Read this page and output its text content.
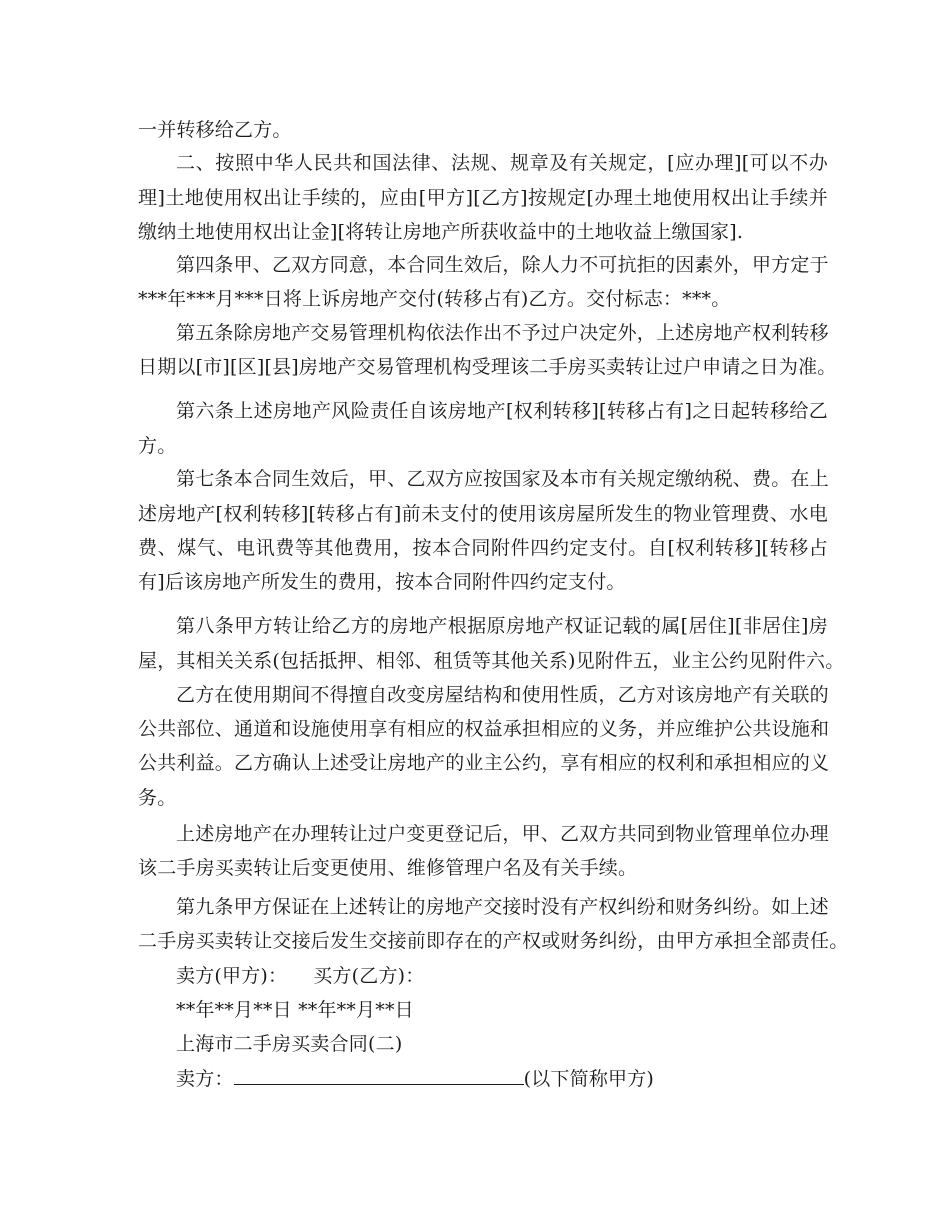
一并转移给乙方。
二、按照中华人民共和国法律、法规、规章及有关规定，[应办理][可以不办
理]土地使用权出让手续的，应由[甲方][乙方]按规定[办理土地使用权出让手续并
缴纳土地使用权出让金][将转让房地产所获收益中的土地收益上缴国家].
第四条甲、乙双方同意，本合同生效后，除人力不可抗拒的因素外，甲方定于
***年***月***日将上诉房地产交付(转移占有)乙方。交付标志：***。
第五条除房地产交易管理机构依法作出不予过户决定外，上述房地产权利转移
日期以[市][区][县]房地产交易管理机构受理该二手房买卖转让过户申请之日为准。
第六条上述房地产风险责任自该房地产[权利转移][转移占有]之日起转移给乙
方。
第七条本合同生效后，甲、乙双方应按国家及本市有关规定缴纳税、费。在上
述房地产[权利转移][转移占有]前未支付的使用该房屋所发生的物业管理费、水电
费、煤气、电讯费等其他费用，按本合同附件四约定支付。自[权利转移][转移占
有]后该房地产所发生的费用，按本合同附件四约定支付。
第八条甲方转让给乙方的房地产根据原房地产权证记载的属[居住][非居住]房
屋，其相关关系(包括抵押、相邻、租赁等其他关系)见附件五，业主公约见附件六。
乙方在使用期间不得擅自改变房屋结构和使用性质，乙方对该房地产有关联的
公共部位、通道和设施使用享有相应的权益承担相应的义务，并应维护公共设施和
公共利益。乙方确认上述受让房地产的业主公约，享有相应的权利和承担相应的义
务。
上述房地产在办理转让过户变更登记后，甲、乙双方共同到物业管理单位办理
该二手房买卖转让后变更使用、维修管理户名及有关手续。
第九条甲方保证在上述转让的房地产交接时没有产权纠纷和财务纠纷。如上述
二手房买卖转让交接后发生交接前即存在的产权或财务纠纷，由甲方承担全部责任。
卖方(甲方)： 买方(乙方)：
**年**月**日 **年**月**日
上海市二手房买卖合同(二)
卖方：	(以下简称甲方)
